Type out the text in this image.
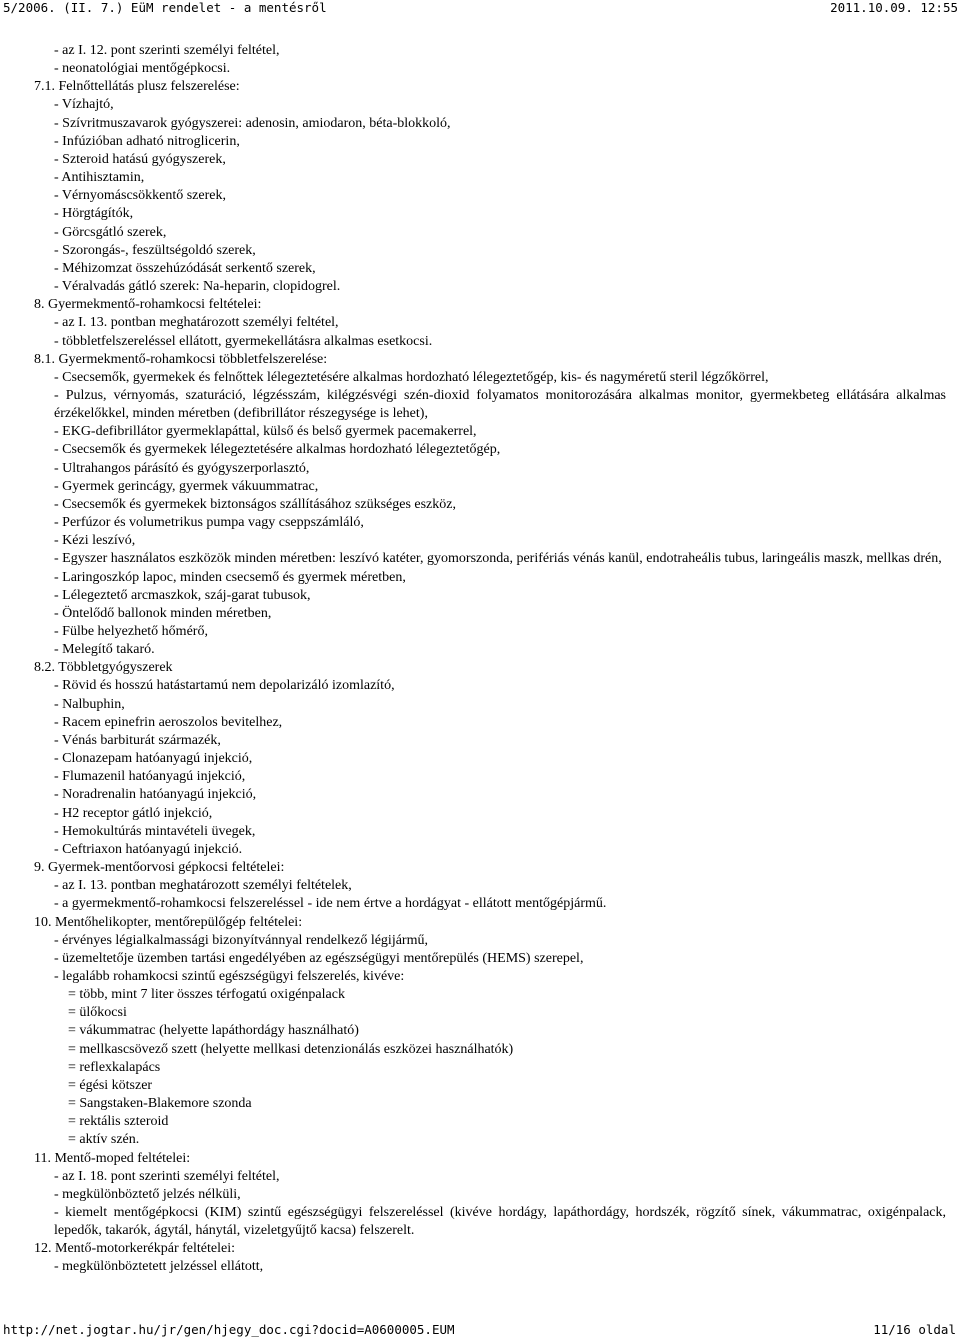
5/2006. (II. 7.) EüM rendelet - a mentésről	2011.10.09. 12:55
- az I. 12. pont szerinti személyi feltétel,
- neonatológiai mentőgépkocsi.
7.1. Felnőttellátás plusz felszerelése:
- Vízhajtó,
- Szívritmuszavarok gyógyszerei: adenosin, amiodaron, béta-blokkoló,
- Infúzióban adható nitroglicerin,
- Szteroid hatású gyógyszerek,
- Antihisztamin,
- Vérnyomáscsökkentő szerek,
- Hörgtágítók,
- Görcsgátló szerek,
- Szorongás-, feszültségoldó szerek,
- Méhizomzat összehúzódását serkentő szerek,
- Véralvadás gátló szerek: Na-heparin, clopidogrel.
8. Gyermekmentő-rohamkocsi feltételei:
- az I. 13. pontban meghatározott személyi feltétel,
- többletfelszereléssel ellátott, gyermekellátásra alkalmas esetkocsi.
8.1. Gyermekmentő-rohamkocsi többletfelszerelése:
- Csecsemők, gyermekek és felnőttek lélegeztetésére alkalmas hordozható lélegeztetőgép, kis- és nagyméretű steril légzőkörrel,
- Pulzus, vérnyomás, szaturáció, légzésszám, kilégzésvégi szén-dioxid folyamatos monitorozására alkalmas monitor, gyermekbeteg ellátására alkalmas érzékelőkkel, minden méretben (defibrillátor részegysége is lehet),
- EKG-defibrillátor gyermeklapáttal, külső és belső gyermek pacemakerrel,
- Csecsemők és gyermekek lélegeztetésére alkalmas hordozható lélegeztetőgép,
- Ultrahangos párásító és gyógyszerporlasztó,
- Gyermek gerincágy, gyermek vákuummatrac,
- Csecsemők és gyermekek biztonságos szállításához szükséges eszköz,
- Perfúzor és volumetrikus pumpa vagy cseppszámláló,
- Kézi leszívó,
- Egyszer használatos eszközök minden méretben: leszívó katéter, gyomorszonda, perifériás vénás kanül, endotraheális tubus, laringeális maszk, mellkas drén,
- Laringoszkóp lapoc, minden csecsemő és gyermek méretben,
- Lélegeztető arcmaszkok, száj-garat tubusok,
- Öntelődő ballonok minden méretben,
- Fülbe helyezhető hőmérő,
- Melegítő takaró.
8.2. Többletgyógyszerek
- Rövid és hosszú hatástartamú nem depolarizáló izomlazító,
- Nalbuphin,
- Racem epinefrin aeroszolos bevitelhez,
- Vénás barbiturát származék,
- Clonazepam hatóanyagú injekció,
- Flumazenil hatóanyagú injekció,
- Noradrenalin hatóanyagú injekció,
- H2 receptor gátló injekció,
- Hemokultúrás mintavételi üvegek,
- Ceftriaxon hatóanyagú injekció.
9. Gyermek-mentőorvosi gépkocsi feltételei:
- az I. 13. pontban meghatározott személyi feltételek,
- a gyermekmentő-rohamkocsi felszereléssel - ide nem értve a hordágyat - ellátott mentőgépjármű.
10. Mentőhelikopter, mentőrepülőgép feltételei:
- érvényes légialkalmassági bizonyítvánnyal rendelkező légijármű,
- üzemeltetője üzemben tartási engedélyében az egészségügyi mentőrepülés (HEMS) szerepel,
- legalább rohamkocsi szintű egészségügyi felszerelés, kivéve:
= több, mint 7 liter összes térfogatú oxigénpalack
= ülőkocsi
= vákummatrac (helyette lapáthordágy használható)
= mellkascsövező szett (helyette mellkasi detenzionálás eszközei használhatók)
= reflexkalapács
= égési kötszer
= Sangstaken-Blakemore szonda
= rektális szteroid
= aktív szén.
11. Mentő-moped feltételei:
- az I. 18. pont szerinti személyi feltétel,
- megkülönböztető jelzés nélküli,
- kiemelt mentőgépkocsi (KIM) szintű egészségügyi felszereléssel (kivéve hordágy, lapáthordágy, hordszék, rögzítő sínek, vákummatrac, oxigénpalack, lepedők, takarók, ágytál, hánytál, vizeletgyűjtő kacsa) felszerelt.
12. Mentő-motorkerékpár feltételei:
- megkülönböztetett jelzéssel ellátott,
http://net.jogtar.hu/jr/gen/hjegy_doc.cgi?docid=A0600005.EUM	11/16 oldal
